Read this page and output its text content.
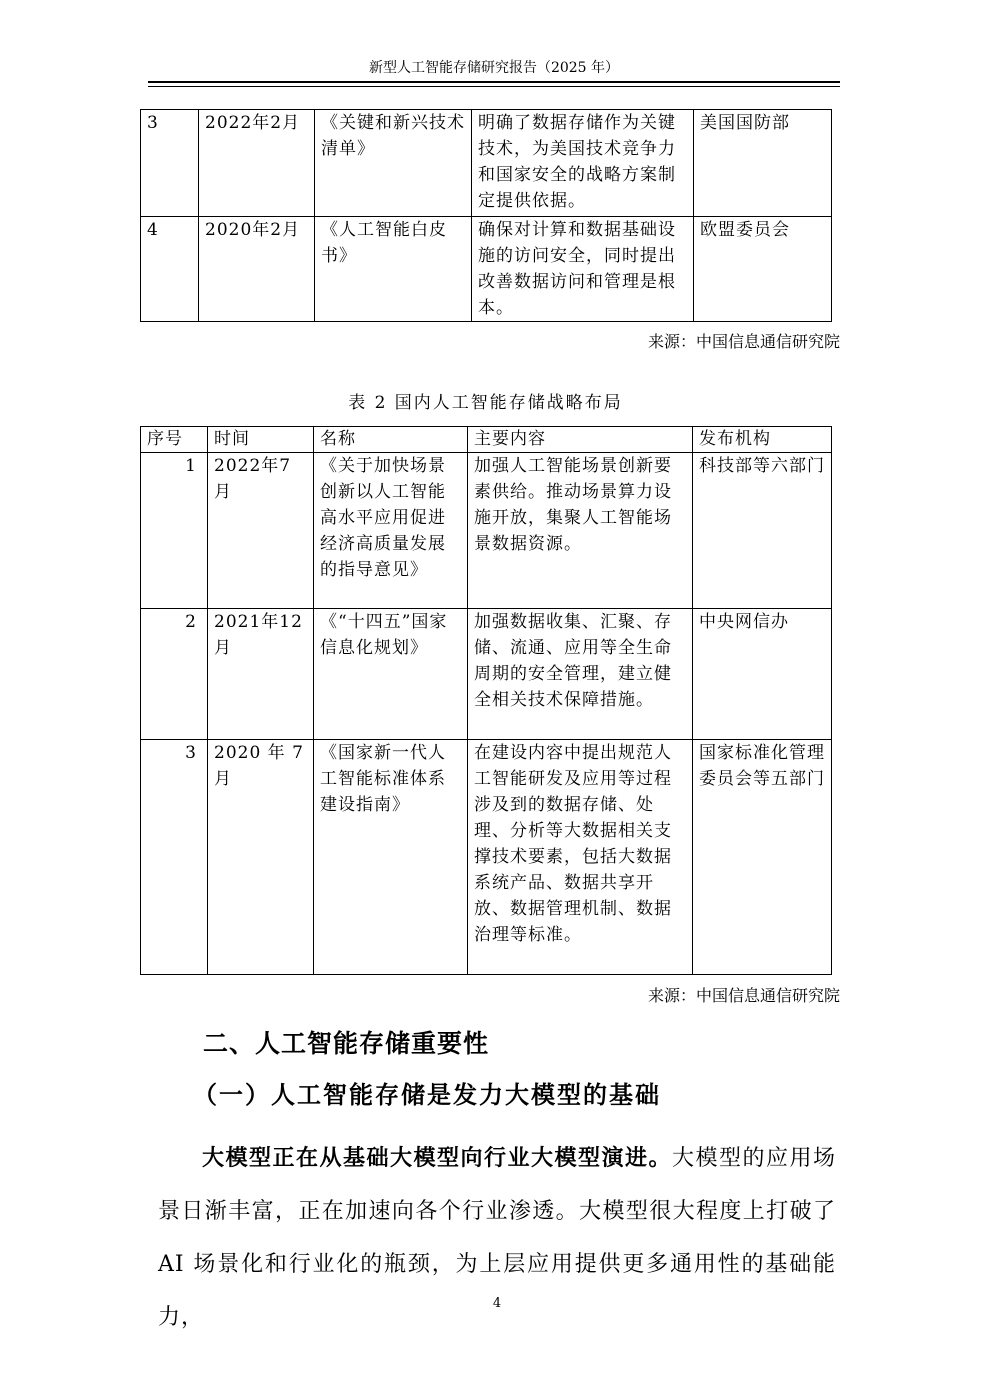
新型人工智能存储研究报告（2025 年）
3	2022年2月	《关键和新兴技术清单》	明确了数据存储作为关键技术，为美国技术竞争力和国家安全的战略方案制定提供依据。	美国国防部
4	2020年2月	《人工智能白皮书》	确保对计算和数据基础设施的访问安全，同时提出改善数据访问和管理是根本。	欧盟委员会
来源：中国信息通信研究院
表 2 国内人工智能存储战略布局
序号	时间	名称	主要内容	发布机构
1	2022年7月	《关于加快场景创新以人工智能高水平应用促进经济高质量发展的指导意见》	加强人工智能场景创新要素供给。推动场景算力设施开放，集聚人工智能场景数据资源。	科技部等六部门
2	2021年12月	《“十四五”国家信息化规划》	加强数据收集、汇聚、存储、流通、应用等全生命周期的安全管理，建立健全相关技术保障措施。	中央网信办
3	2020 年 7 月	《国家新一代人工智能标准体系建设指南》	在建设内容中提出规范人工智能研发及应用等过程涉及到的数据存储、处理、分析等大数据相关支撑技术要素，包括大数据 系统产品、数据共享开放、数据管理机制、数据治理等标准。	国家标准化管理委员会等五部门
来源：中国信息通信研究院
二、人工智能存储重要性
（一）人工智能存储是发力大模型的基础
大模型正在从基础大模型向行业大模型演进。大模型的应用场景日渐丰富，正在加速向各个行业渗透。大模型很大程度上打破了 AI 场景化和行业化的瓶颈，为上层应用提供更多通用性的基础能力，
4
